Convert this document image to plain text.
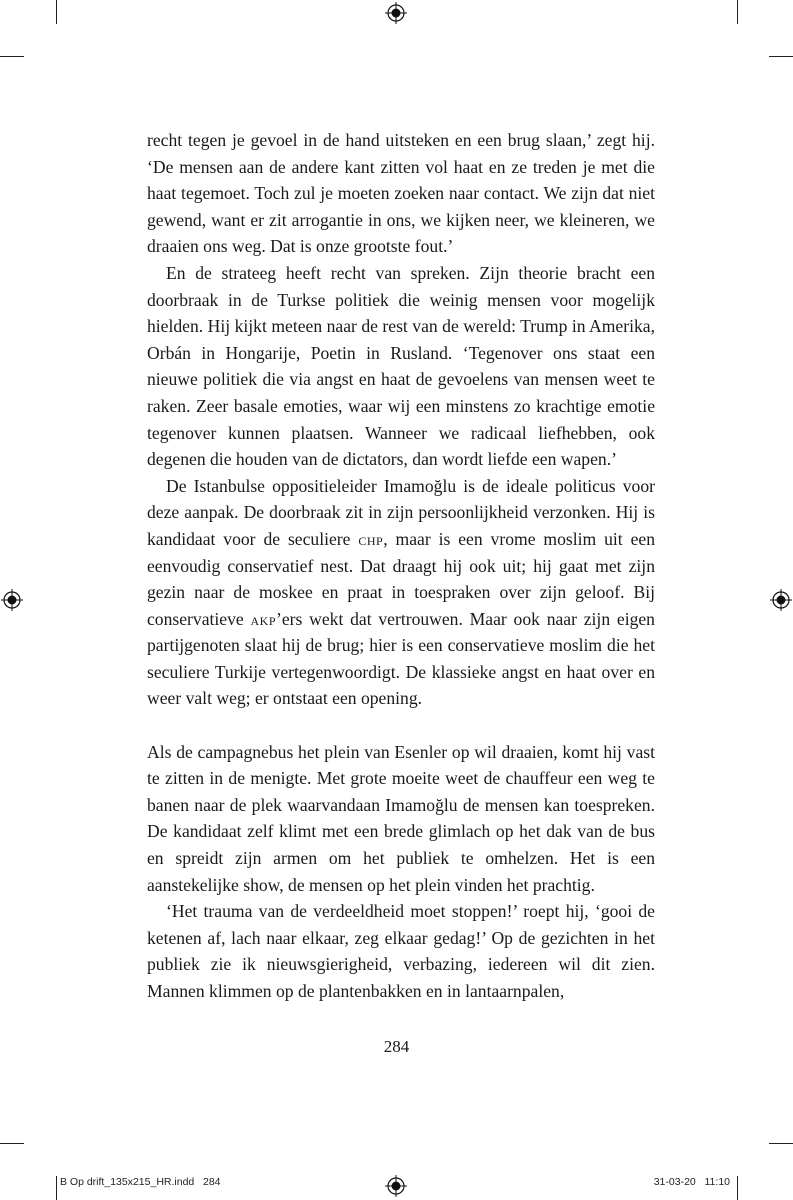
recht tegen je gevoel in de hand uitsteken en een brug slaan,’ zegt hij. ‘De mensen aan de andere kant zitten vol haat en ze treden je met die haat tegemoet. Toch zul je moeten zoeken naar contact. We zijn dat niet gewend, want er zit arrogantie in ons, we kijken neer, we kleineren, we draaien ons weg. Dat is onze grootste fout.’

En de strateeg heeft recht van spreken. Zijn theorie bracht een doorbraak in de Turkse politiek die weinig mensen voor mogelijk hielden. Hij kijkt meteen naar de rest van de wereld: Trump in Amerika, Orbán in Hongarije, Poetin in Rusland. ‘Tegenover ons staat een nieuwe politiek die via angst en haat de gevoelens van mensen weet te raken. Zeer basale emoties, waar wij een minstens zo krachtige emotie tegenover kunnen plaatsen. Wanneer we radicaal liefhebben, ook degenen die houden van de dictators, dan wordt liefde een wapen.’

De Istanbulse oppositieleider Imamoğlu is de ideale politicus voor deze aanpak. De doorbraak zit in zijn persoonlijkheid verzonken. Hij is kandidaat voor de seculiere chp, maar is een vrome moslim uit een eenvoudig conservatief nest. Dat draagt hij ook uit; hij gaat met zijn gezin naar de moskee en praat in toespraken over zijn geloof. Bij conservatieve akp’ers wekt dat vertrouwen. Maar ook naar zijn eigen partijgenoten slaat hij de brug; hier is een conservatieve moslim die het seculiere Turkije vertegenwoordigt. De klassieke angst en haat over en weer valt weg; er ontstaat een opening.

Als de campagnebus het plein van Esenler op wil draaien, komt hij vast te zitten in de menigte. Met grote moeite weet de chauffeur een weg te banen naar de plek waarvandaan Imamoğlu de mensen kan toespreken. De kandidaat zelf klimt met een brede glimlach op het dak van de bus en spreidt zijn armen om het publiek te omhelzen. Het is een aanstekelijke show, de mensen op het plein vinden het prachtig.

‘Het trauma van de verdeeldheid moet stoppen!’ roept hij, ‘gooi de ketenen af, lach naar elkaar, zeg elkaar gedag!’ Op de gezichten in het publiek zie ik nieuwsgierigheid, verbazing, iedereen wil dit zien. Mannen klimmen op de plantenbakken en in lantaarnpalen,

284
B Op drift_135x215_HR.indd   284	31-03-20   11:10
